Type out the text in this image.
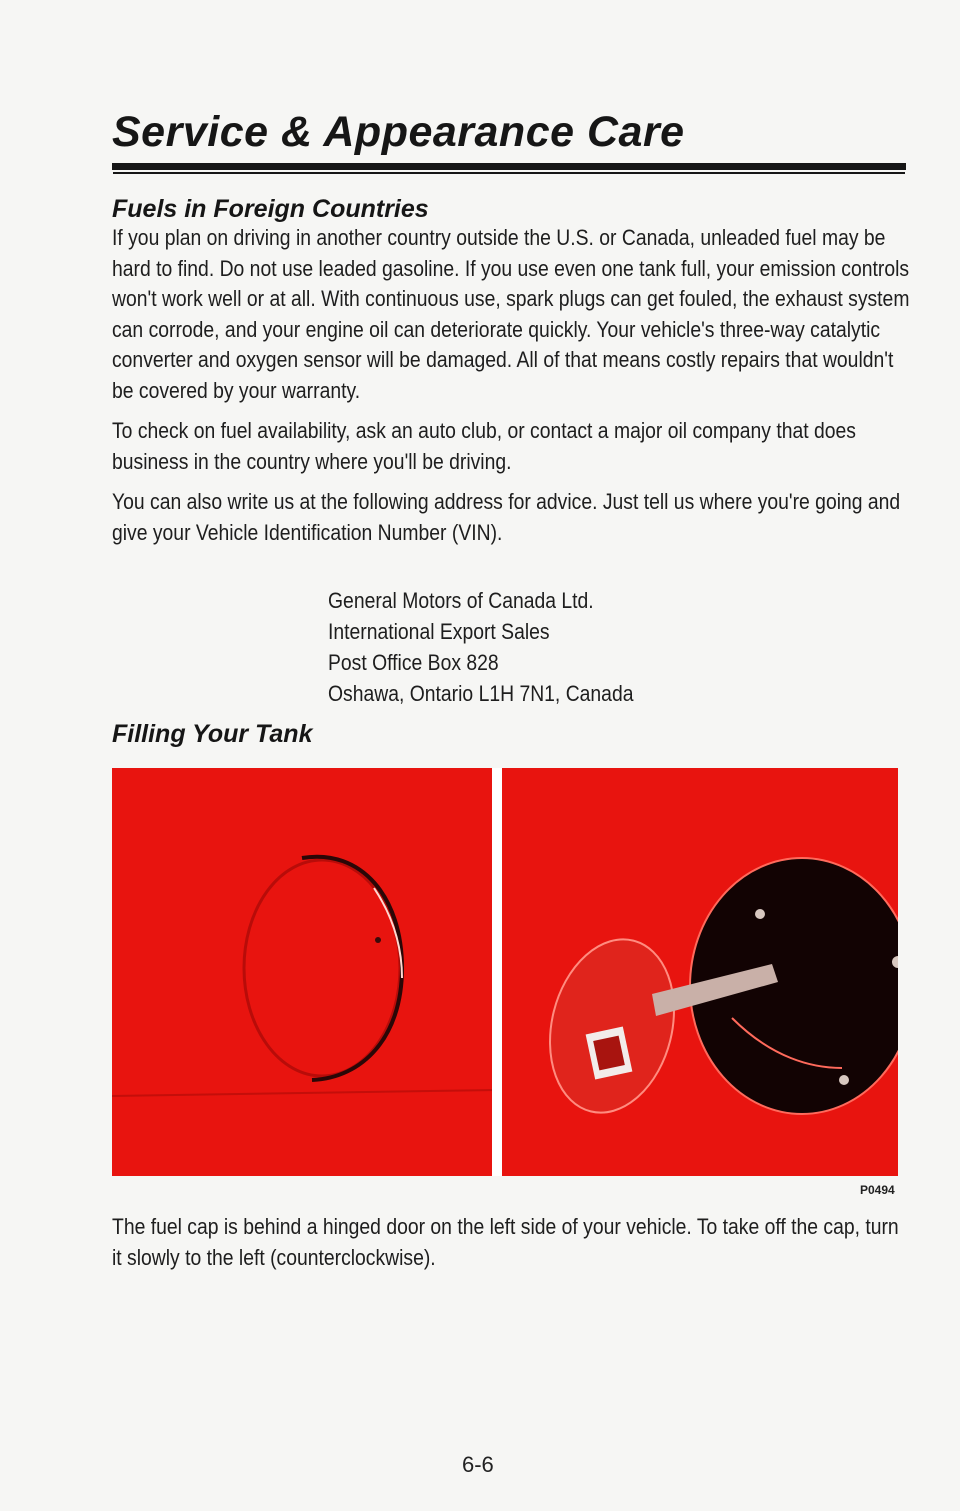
Service & Appearance Care
Fuels in Foreign Countries

If you plan on driving in another country outside the U.S. or Canada, unleaded fuel may be hard to find. Do not use leaded gasoline. If you use even one tank full, your emission controls won't work well or at all. With continuous use, spark plugs can get fouled, the exhaust system can corrode, and your engine oil can deteriorate quickly. Your vehicle's three-way catalytic converter and oxygen sensor will be damaged. All of that means costly repairs that wouldn't be covered by your warranty.

To check on fuel availability, ask an auto club, or contact a major oil company that does business in the country where you'll be driving.

You can also write us at the following address for advice. Just tell us where you're going and give your Vehicle Identification Number (VIN).

General Motors of Canada Ltd.
International Export Sales
Post Office Box 828
Oshawa, Ontario L1H 7N1, Canada
Filling Your Tank
P0494

The fuel cap is behind a hinged door on the left side of your vehicle. To take off the cap, turn it slowly to the left (counterclockwise).

6-6
